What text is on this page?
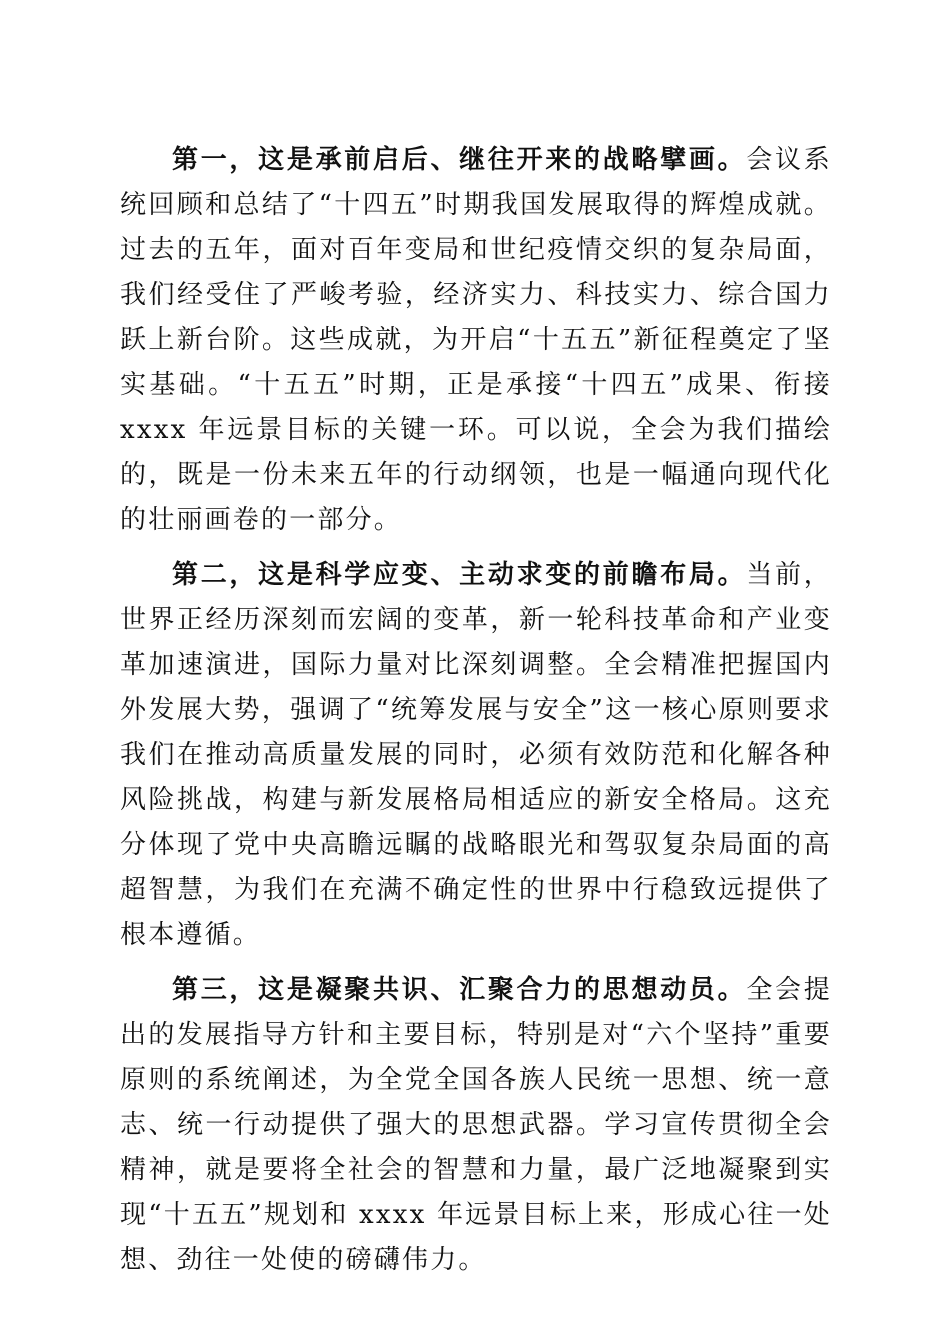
第一，这是承前启后、继往开来的战略擘画。会议系统回顾和总结了“十四五”时期我国发展取得的辉煌成就。过去的五年，面对百年变局和世纪疫情交织的复杂局面，我们经受住了严峻考验，经济实力、科技实力、综合国力跃上新台阶。这些成就，为开启“十五五”新征程奠定了坚实基础。“十五五”时期，正是承接“十四五”成果、衔接 xxxx 年远景目标的关键一环。可以说，全会为我们描绘的，既是一份未来五年的行动纲领，也是一幅通向现代化的壮丽画卷的一部分。

第二，这是科学应变、主动求变的前瞻布局。当前，世界正经历深刻而宏阔的变革，新一轮科技革命和产业变革加速演进，国际力量对比深刻调整。全会精准把握国内外发展大势，强调了“统筹发展与安全”这一核心原则要求我们在推动高质量发展的同时，必须有效防范和化解各种风险挑战，构建与新发展格局相适应的新安全格局。这充分体现了党中央高瞻远瞩的战略眼光和驾驭复杂局面的高超智慧，为我们在充满不确定性的世界中行稳致远提供了根本遵循。

第三，这是凝聚共识、汇聚合力的思想动员。全会提出的发展指导方针和主要目标，特别是对“六个坚持”重要原则的系统阐述，为全党全国各族人民统一思想、统一意志、统一行动提供了强大的思想武器。学习宣传贯彻全会精神，就是要将全社会的智慧和力量，最广泛地凝聚到实现“十五五”规划和 xxxx 年远景目标上来，形成心往一处想、劲往一处使的磅礴伟力。
